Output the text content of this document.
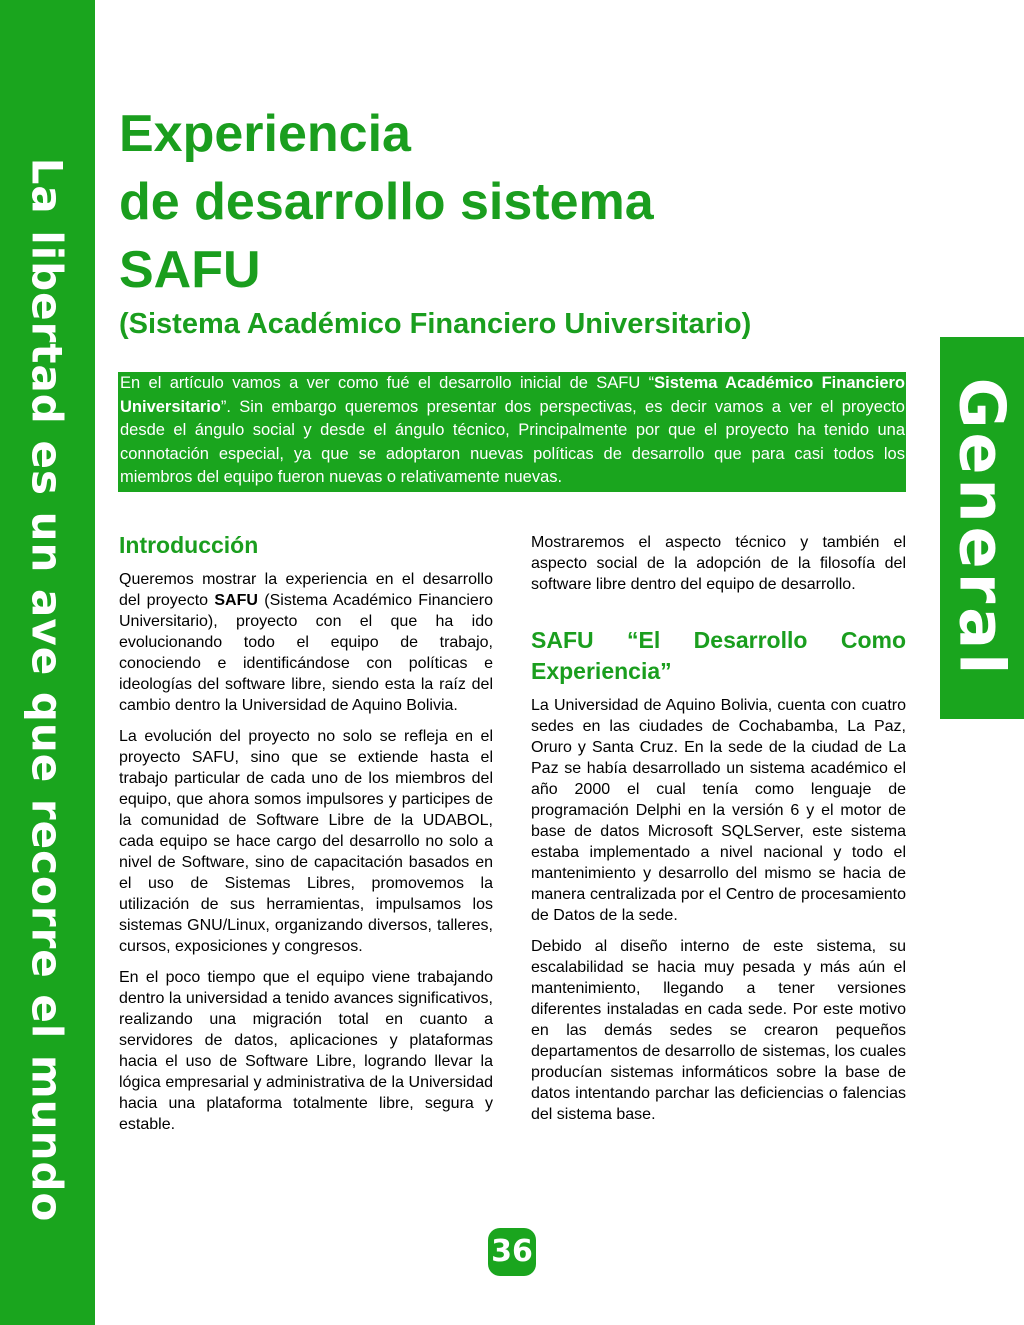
La libertad es un ave que recorre el mundo	General
Experiencia
de desarrollo sistema
SAFU
(Sistema Académico Financiero Universitario)
En el artículo vamos a ver como fué el desarrollo inicial de SAFU “Sistema Académico Financiero Universitario”. Sin embargo queremos presentar dos perspectivas, es decir vamos a ver el proyecto desde el ángulo social y desde el ángulo técnico, Principalmente por que el proyecto ha tenido una connotación especial, ya que se adoptaron nuevas políticas de desarrollo que para casi todos los miembros del equipo fueron nuevas o relativamente nuevas.
Introducción

Queremos mostrar la experiencia en el desarrollo del proyecto SAFU (Sistema Académico Financiero Universitario), proyecto con el que ha ido evolucionando todo el equipo de trabajo, conociendo e identificándose con políticas e ideologías del software libre, siendo esta la raíz del cambio dentro la Universidad de Aquino Bolivia.

La evolución del proyecto no solo se refleja en el proyecto SAFU, sino que se extiende hasta el trabajo particular de cada uno de los miembros del equipo, que ahora somos impulsores y participes de la comunidad de Software Libre de la UDABOL, cada equipo se hace cargo del desarrollo no solo a nivel de Software, sino de capacitación basados en el uso de Sistemas Libres, promovemos la utilización de sus herramientas, impulsamos los sistemas GNU/Linux, organizando diversos, talleres, cursos, exposiciones y congresos.

En el poco tiempo que el equipo viene trabajando dentro la universidad a tenido avances significativos, realizando una migración total en cuanto a servidores de datos, aplicaciones y plataformas hacia el uso de Software Libre, logrando llevar la lógica empresarial y administrativa de la Universidad hacia una plataforma totalmente libre, segura y estable.

Mostraremos el aspecto técnico y también el aspecto social de la adopción de la filosofía del software libre dentro del equipo de desarrollo.

SAFU “El Desarrollo Como Experiencia”

La Universidad de Aquino Bolivia, cuenta con cuatro sedes en las ciudades de Cochabamba, La Paz, Oruro y Santa Cruz. En la sede de la ciudad de La Paz se había desarrollado un sistema académico el año 2000 el cual tenía como lenguaje de programación Delphi en la versión 6 y el motor de base de datos Microsoft SQLServer, este sistema estaba implementado a nivel nacional y todo el mantenimiento y desarrollo del mismo se hacia de manera centralizada por el Centro de procesamiento de Datos de la sede.

Debido al diseño interno de este sistema, su escalabilidad se hacia muy pesada y más aún el mantenimiento, llegando a tener versiones diferentes instaladas en cada sede. Por este motivo en las demás sedes se crearon pequeños departamentos de desarrollo de sistemas, los cuales producían sistemas informáticos sobre la base de datos intentando parchar las deficiencias o falencias del sistema base.

36
